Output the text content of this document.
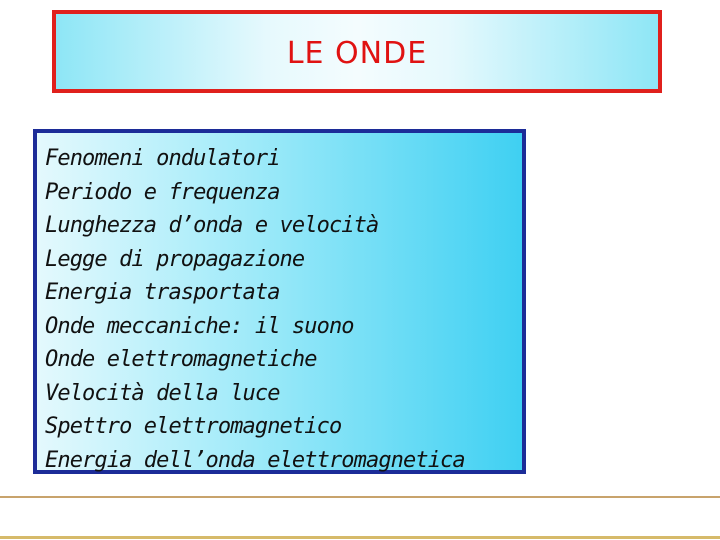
LE ONDE
Fenomeni ondulatori
Periodo e frequenza
Lunghezza d’onda e velocità
Legge di propagazione
Energia trasportata
Onde meccaniche: il suono
Onde elettromagnetiche
Velocità della luce
Spettro elettromagnetico
Energia dell’onda elettromagnetica
